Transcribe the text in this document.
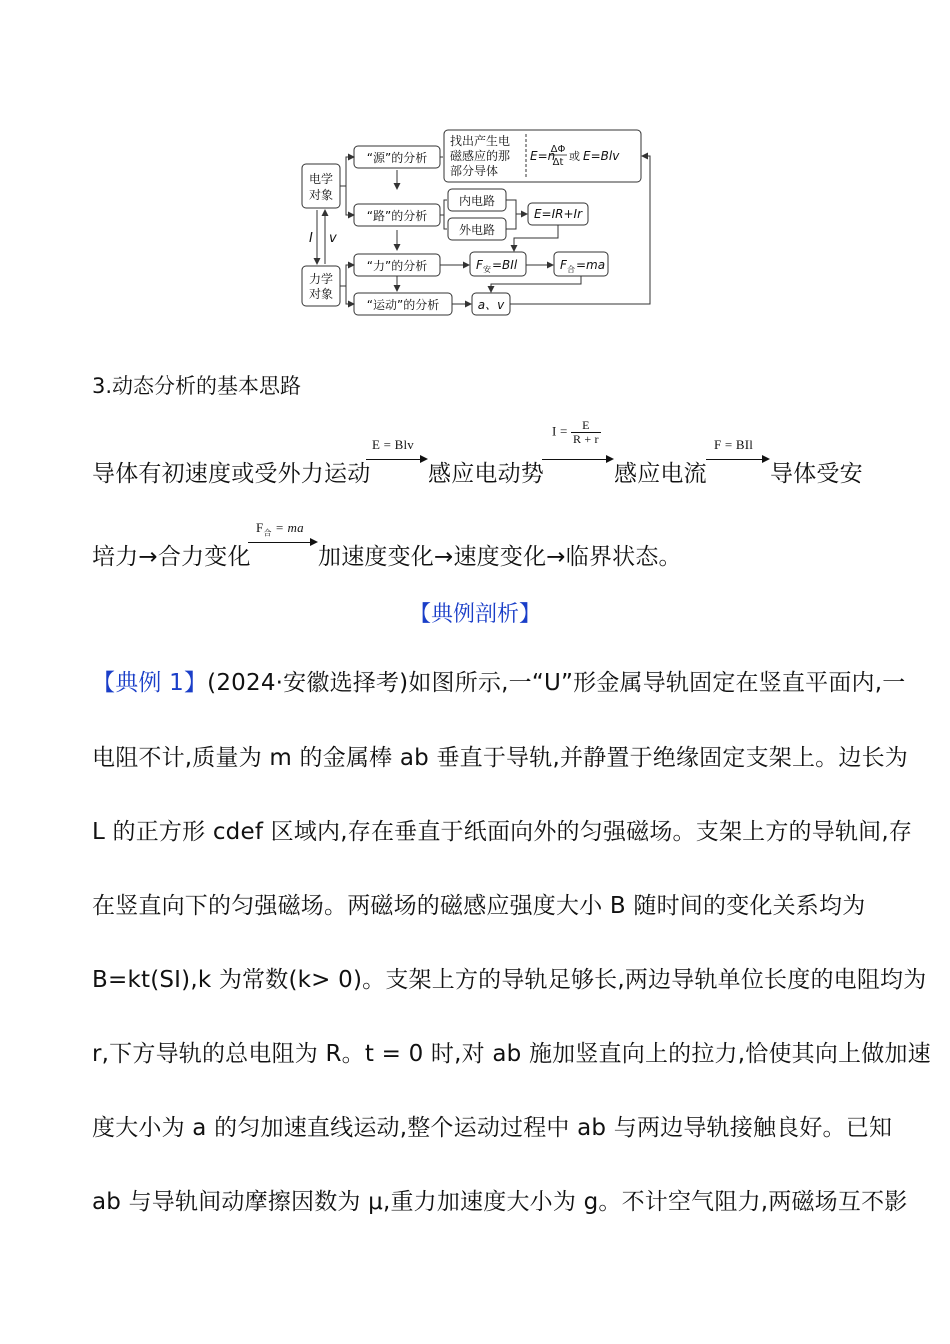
电学
对象
力学
对象
I v
“源”的分析
“路”的分析
“力”的分析
“运动”的分析
找出产生电
磁感应的那
部分导体
E=n
ΔΦ
Δt 或 E=Blv
内电路
外电路
E=IR+Ir
F 安 =BIl	F 合 =ma
a、v
3.动态分析的基本思路
导体有初速度或受外力运动
E = Blv
感应电动势
$I = \frac{E}{R + r}$
感应电流
F = BIl
导体受安
培力→合力变化
$F_合$ = ma
加速度变化→速度变化→临界状态。
【典例剖析】
【典例 1】(2024·安徽选择考)如图所示,一“U”形金属导轨固定在竖直平面内,一
电阻不计,质量为 m 的金属棒 ab 垂直于导轨,并静置于绝缘固定支架上。边长为
L 的正方形 cdef 区域内,存在垂直于纸面向外的匀强磁场。支架上方的导轨间,存
在竖直向下的匀强磁场。两磁场的磁感应强度大小 B 随时间的变化关系均为
B=kt(SI),k 为常数(k> 0)。支架上方的导轨足够长,两边导轨单位长度的电阻均为
r,下方导轨的总电阻为 R。t = 0 时,对 ab 施加竖直向上的拉力,恰使其向上做加速
度大小为 a 的匀加速直线运动,整个运动过程中 ab 与两边导轨接触良好。已知
ab 与导轨间动摩擦因数为 μ,重力加速度大小为 g。不计空气阻力,两磁场互不影
